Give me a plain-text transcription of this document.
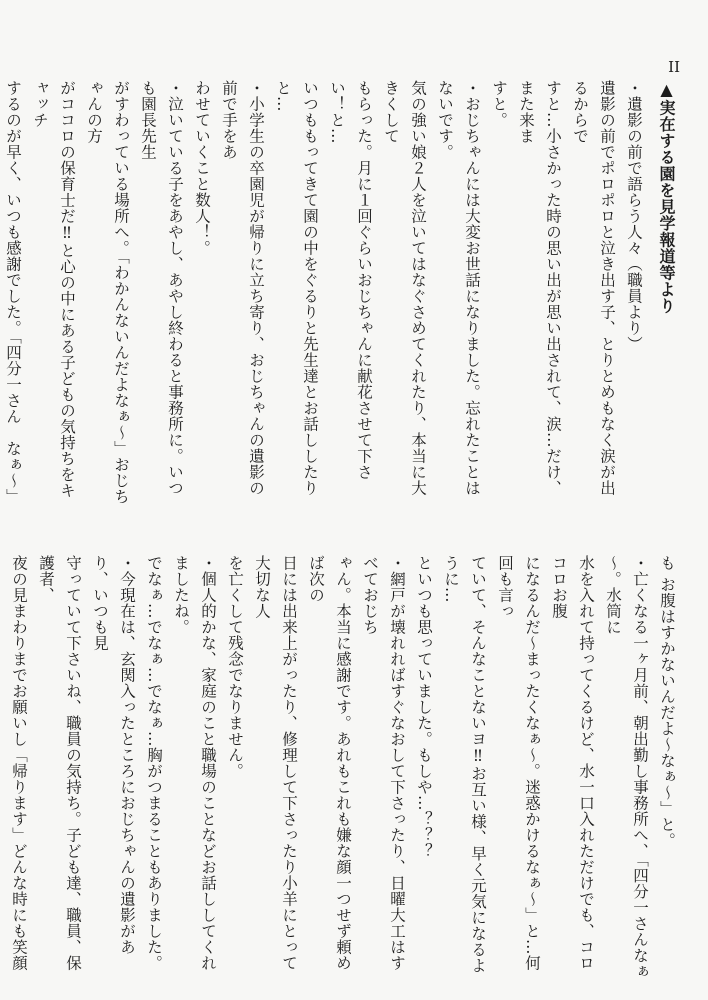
II
▲実在する園を見学報道等より
・遺影の前で語らう人々（職員より）
遺影の前でポロポロと泣き出す子、とりとめもなく涙が出るからで
すと…小さかった時の思い出が思い出されて、涙…だけ、また来ま
すと。
・おじちゃんには大変お世話になりました。忘れたことはないです。
気の強い娘２人を泣いてはなぐさめてくれたり、本当に大きくして
もらった。月に１回ぐらいおじちゃんに献花させて下さい！と…
いつももってきて園の中をぐるりと先生達とお話ししたりと…
・小学生の卒園児が帰りに立ち寄り、おじちゃんの遺影の前で手をあ
わせていくこと数人！。
・泣いている子をあやし、あやし終わると事務所に。いつも園長先生
がすわっている場所へ。「わかんないんだよなぁ～」おじちゃんの方
がココロの保育士だ‼と心の中にある子どもの気持ちをキャッチ
するのが早く、いつも感謝でした。「四分一さん　なぁ～」
も お腹はすかないんだよ～なぁ～」と。
・亡くなる一ヶ月前、朝出勤し事務所へ、「四分一さんなぁ～。水筒に
水を入れて持ってくるけど、水一口入れただけでも、コロコロお腹
になるんだ～まったくなぁ～。迷惑かけるなぁ～」と…何回も言っ
ていて、そんなことないヨ‼お互い様、早く元気になるように…
といつも思っていました。もしや…？？？
・網戸が壊れればすぐなおして下さったり、日曜大工はすべておじち
ゃん。本当に感謝です。あれもこれも嫌な顔一つせず頼めば次の
日には出来上がったり、修理して下さったり小羊にとって大切な人
を亡くして残念でなりません。
・個人的かな、家庭のこと職場のことなどお話ししてくれましたね。
でなぁ…でなぁ…でなぁ…胸がつまることもありました。
・今現在は、玄関入ったところにおじちゃんの遺影があり、いつも見
守っていて下さいね、職員の気持ち。子ども達、職員、保護者、
夜の見まわりまでお願いし「帰ります」どんな時にも笑顔
